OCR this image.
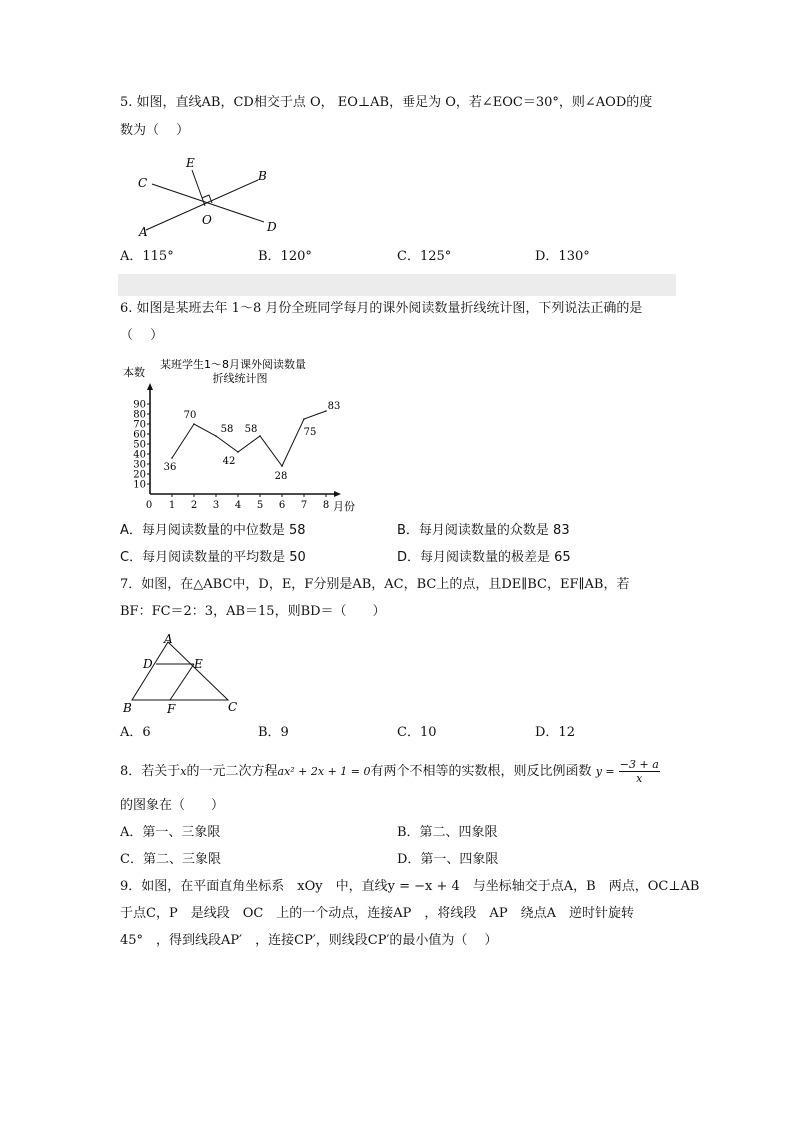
5. 如图，直线AB，CD相交于点 O， EO⊥AB，垂足为 O，若∠EOC＝30°，则∠AOD的度
数为（　 ）
C
E
B
O
A	D
A．115°	B．120°	C．125°	D．130°
6. 如图是某班去年 1～8 月份全班同学每月的课外阅读数量折线统计图，下列说法正确的是
（　 ）
某班学生1～8月课外阅读数量
折线统计图
本数
月份
10
20
30
40
50
60
70
80
90
0 1 2 3 4 5 6 7 8
36
70
58
42
58
28
75
83
A．每月阅读数量的中位数是 58	B．每月阅读数量的众数是 83
C．每月阅读数量的平均数是 50	D．每月阅读数量的极差是 65
7．如图，在△ABC中，D，E，F分别是AB，AC，BC上的点，且DE∥BC，EF∥AB，若
BF：FC＝2：3，AB＝15，则BD＝（　　）
A
D	E
B	F	C
A．6	B．9	C．10	D．12
8．若关于x的一元二次方程ax² + 2x + 1 = 0有两个不相等的实数根，则反比例函数 $y = \frac{-3 + a}{x}$
的图象在（　　）
A．第一、三象限	B．第二、四象限
C．第二、三象限	D．第一、四象限
9．如图，在平面直角坐标系　xOy　中，直线y = −x + 4　与坐标轴交于点A，B　两点，OC⊥AB
于点C，P　是线段　OC　上的一个动点，连接AP　，将线段　AP　绕点A　逆时针旋转
45°　，得到线段AP′　，连接CP′，则线段CP′的最小值为（　 ）
